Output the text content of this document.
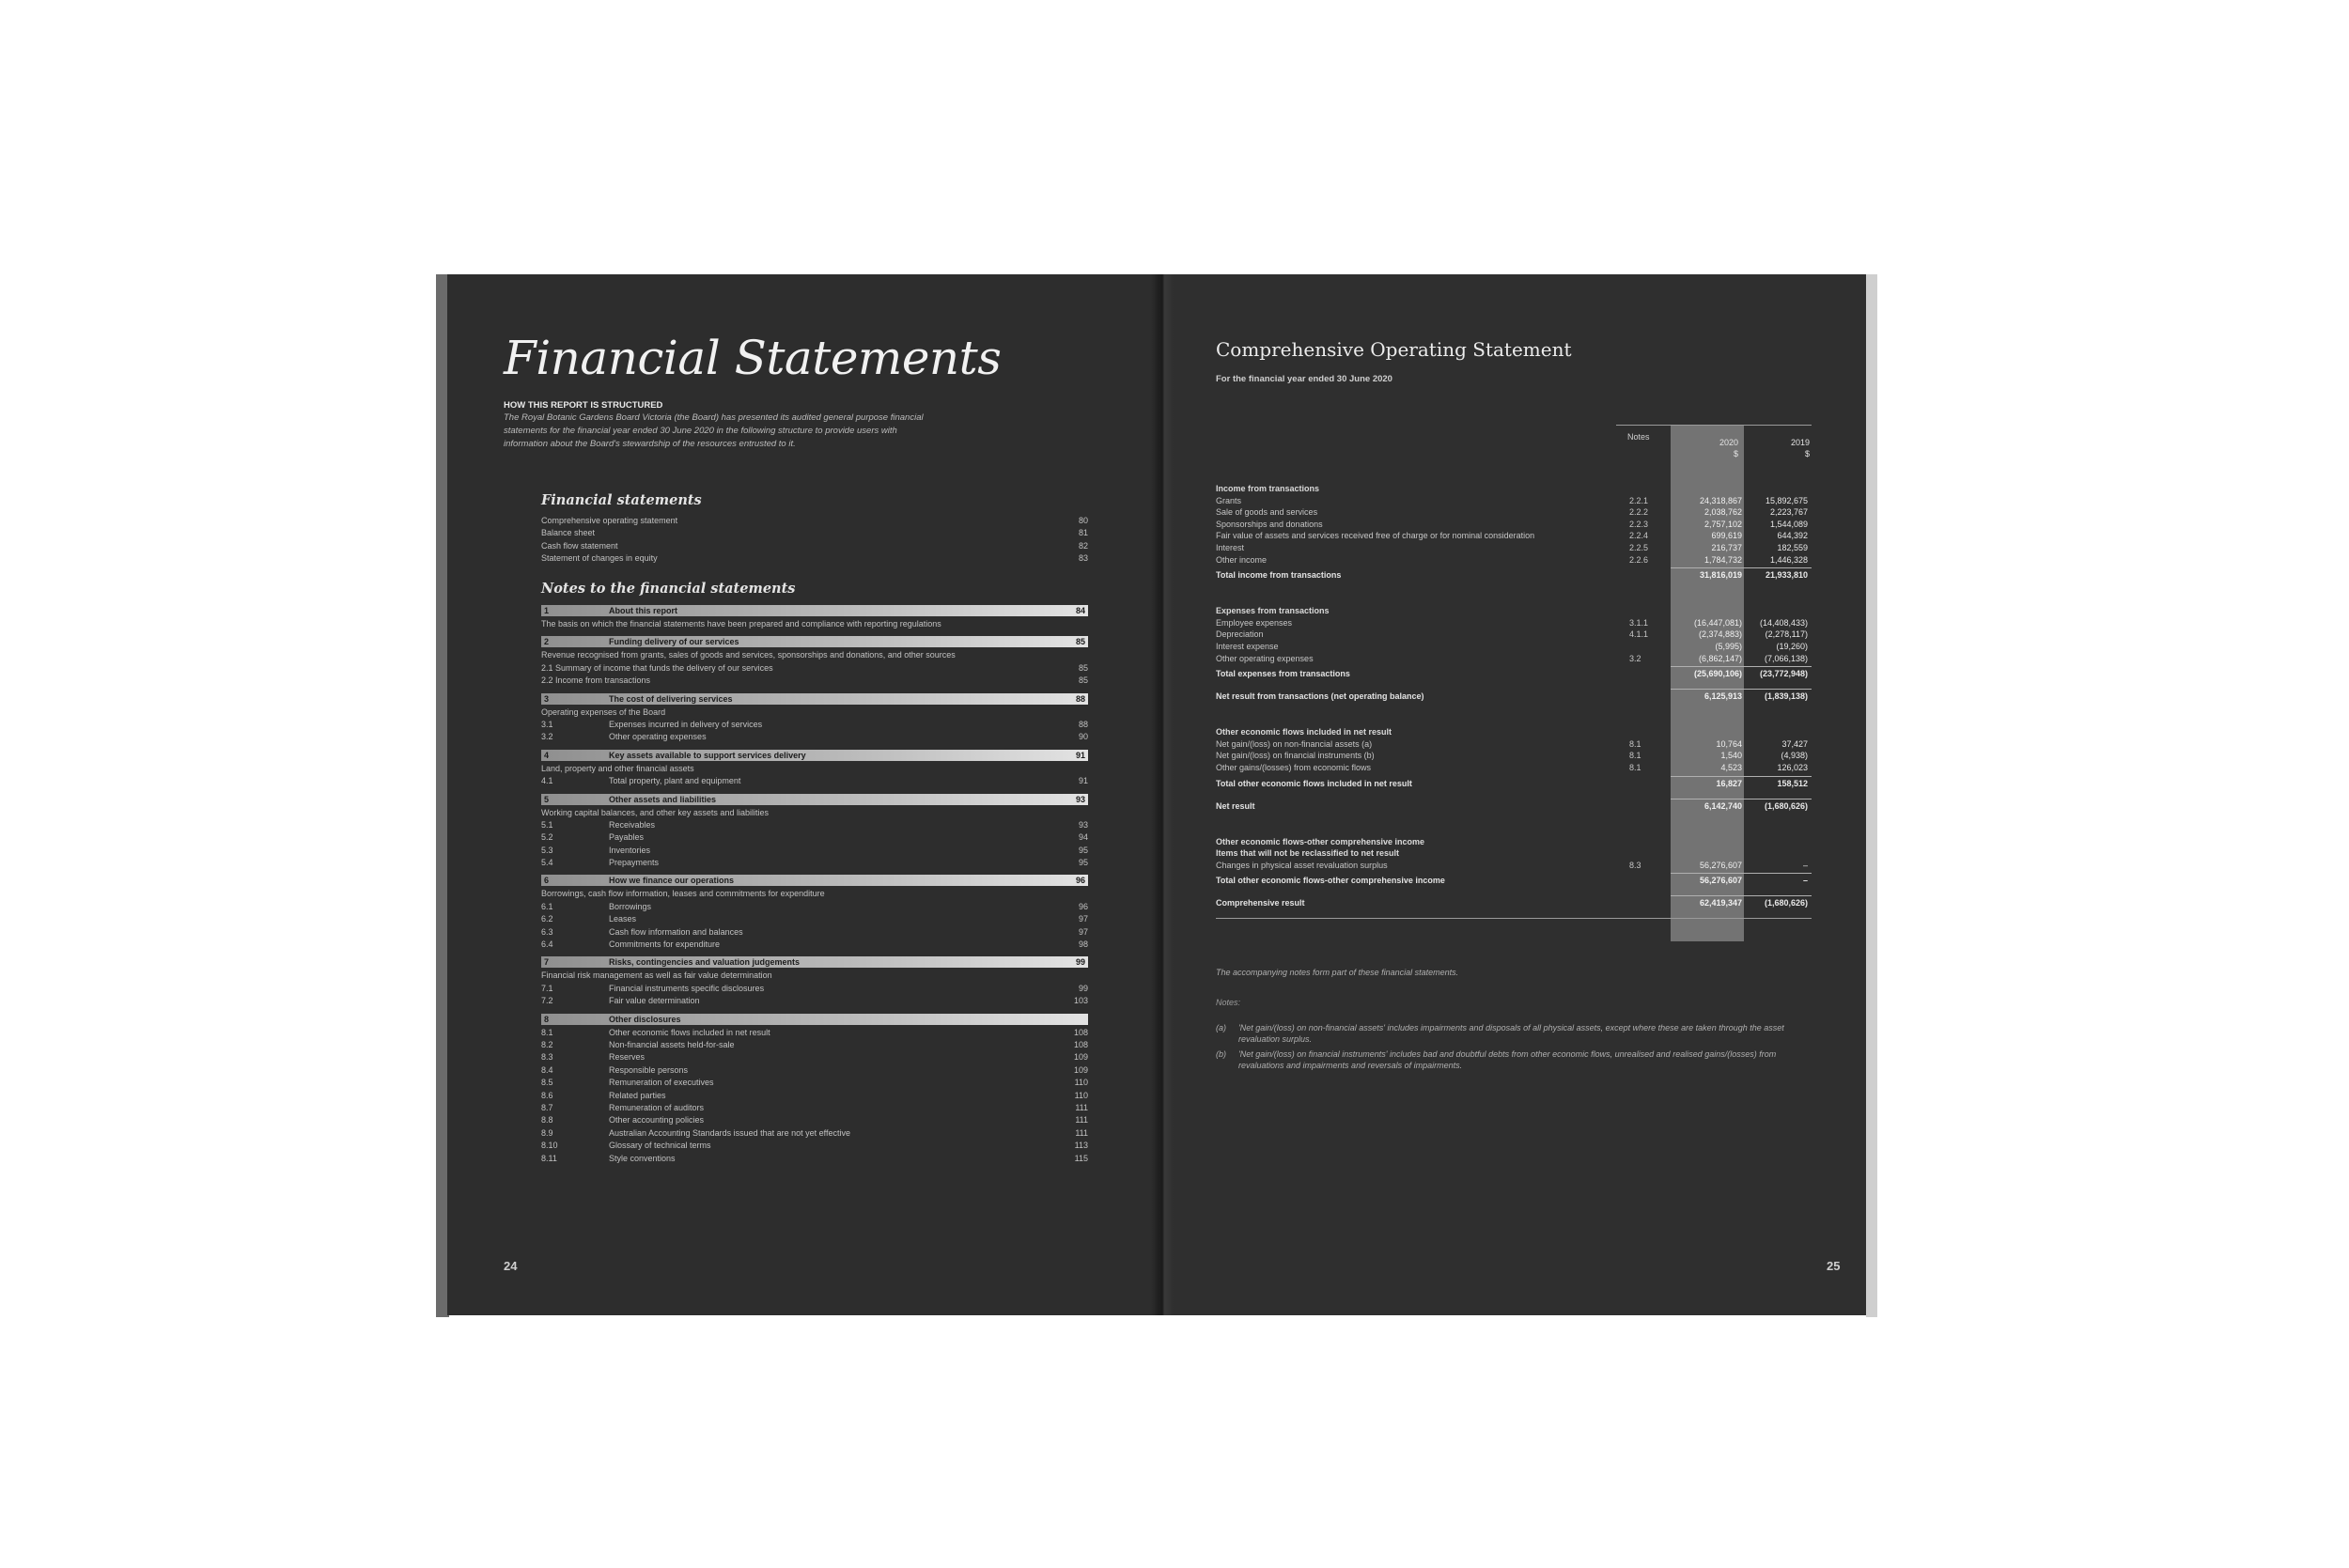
Financial Statements

HOW THIS REPORT IS STRUCTURED

The Royal Botanic Gardens Board Victoria (the Board) has presented its audited general purpose financial statements for the financial year ended 30 June 2020 in the following structure to provide users with information about the Board's stewardship of the resources entrusted to it.

Financial statements
Comprehensive operating statement	80
Balance sheet	81
Cash flow statement	82
Statement of changes in equity	83
Notes to the financial statements
1	About this report	84
The basis on which the financial statements have been prepared and compliance with reporting regulations
2	Funding delivery of our services	85
Revenue recognised from grants, sales of goods and services, sponsorships and donations, and other sources
2.1 Summary of income that funds the delivery of our services	85
2.2 Income from transactions	85
3	The cost of delivering services	88
Operating expenses of the Board
3.1	Expenses incurred in delivery of services	88
3.2	Other operating expenses	90
4	Key assets available to support services delivery	91
Land, property and other financial assets
4.1	Total property, plant and equipment	91
5	Other assets and liabilities	93
Working capital balances, and other key assets and liabilities
5.1	Receivables	93
5.2	Payables	94
5.3	Inventories	95
5.4	Prepayments	95
6	How we finance our operations	96
Borrowings, cash flow information, leases and commitments for expenditure
6.1	Borrowings	96
6.2	Leases	97
6.3	Cash flow information and balances	97
6.4	Commitments for expenditure	98
7	Risks, contingencies and valuation judgements	99
Financial risk management as well as fair value determination
7.1	Financial instruments specific disclosures	99
7.2	Fair value determination	103
8	Other disclosures
8.1	Other economic flows included in net result	108
8.2	Non-financial assets held-for-sale	108
8.3	Reserves	109
8.4	Responsible persons	109
8.5	Remuneration of executives	110
8.6	Related parties	110
8.7	Remuneration of auditors	111
8.8	Other accounting policies	111
8.9	Australian Accounting Standards issued that are not yet effective	111
8.10	Glossary of technical terms	113
8.11	Style conventions	115
24
Comprehensive Operating Statement

For the financial year ended 30 June 2020

Notes
2020
$
2019
$
Income from transactions
Grants	2.2.1	24,318,867	15,892,675
Sale of goods and services	2.2.2	2,038,762	2,223,767
Sponsorships and donations	2.2.3	2,757,102	1,544,089
Fair value of assets and services received free of charge or for nominal consideration	2.2.4	699,619	644,392
Interest	2.2.5	216,737	182,559
Other income	2.2.6	1,784,732	1,446,328
Total income from transactions	31,816,019	21,933,810
Expenses from transactions
Employee expenses	3.1.1	(16,447,081)	(14,408,433)
Depreciation	4.1.1	(2,374,883)	(2,278,117)
Interest expense	(5,995)	(19,260)
Other operating expenses	3.2	(6,862,147)	(7,066,138)
Total expenses from transactions	(25,690,106)	(23,772,948)
Net result from transactions (net operating balance)	6,125,913	(1,839,138)
Other economic flows included in net result
Net gain/(loss) on non-financial assets (a)	8.1	10,764	37,427
Net gain/(loss) on financial instruments (b)	8.1	1,540	(4,938)
Other gains/(losses) from economic flows	8.1	4,523	126,023
Total other economic flows included in net result	16,827	158,512
Net result	6,142,740	(1,680,626)
Other economic flows-other comprehensive income
Items that will not be reclassified to net result
Changes in physical asset revaluation surplus	8.3	56,276,607	–
Total other economic flows-other comprehensive income	56,276,607	–
Comprehensive result	62,419,347	(1,680,626)

The accompanying notes form part of these financial statements.

Notes:

(a) 'Net gain/(loss) on non-financial assets' includes impairments and disposals of all physical assets, except where these are taken through the asset revaluation surplus.
(b) 'Net gain/(loss) on financial instruments' includes bad and doubtful debts from other economic flows, unrealised and realised gains/(losses) from revaluations and impairments and reversals of impairments.
25
